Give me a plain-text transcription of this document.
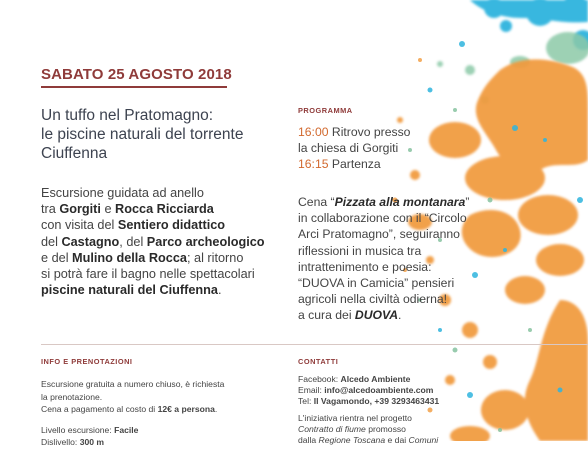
SABATO 25 AGOSTO 2018
Un tuffo nel Pratomagno:
le piscine naturali del torrente
Ciuffenna
Escursione guidata ad anello
tra Gorgiti e Rocca Ricciarda
con visita del Sentiero didattico
del Castagno, del Parco archeologico
e del Mulino della Rocca; al ritorno
si potrà fare il bagno nelle spettacolari
piscine naturali del Ciuffenna.
PROGRAMMA
16:00 Ritrovo presso
la chiesa di Gorgiti
16:15 Partenza
Cena “Pizzata alla montanara”
in collaborazione con il “Circolo
Arci Pratomagno”, seguiranno
riflessioni in musica tra
intrattenimento e poesia:
“DUOVA in Camicia” pensieri
agricoli nella civiltà odierna!
a cura dei DUOVA.
INFO E PRENOTAZIONI
Escursione gratuita a numero chiuso, è richiesta
la prenotazione.
Cena a pagamento al costo di 12€ a persona.
Livello escursione: Facile
Dislivello: 300 m
CONTATTI
Facebook: Alcedo Ambiente
Email: info@alcedoambiente.com
Tel: Il Vagamondo, +39 3293463431
L'iniziativa rientra nel progetto
Contratto di fiume promosso
dalla Regione Toscana e dai Comuni
